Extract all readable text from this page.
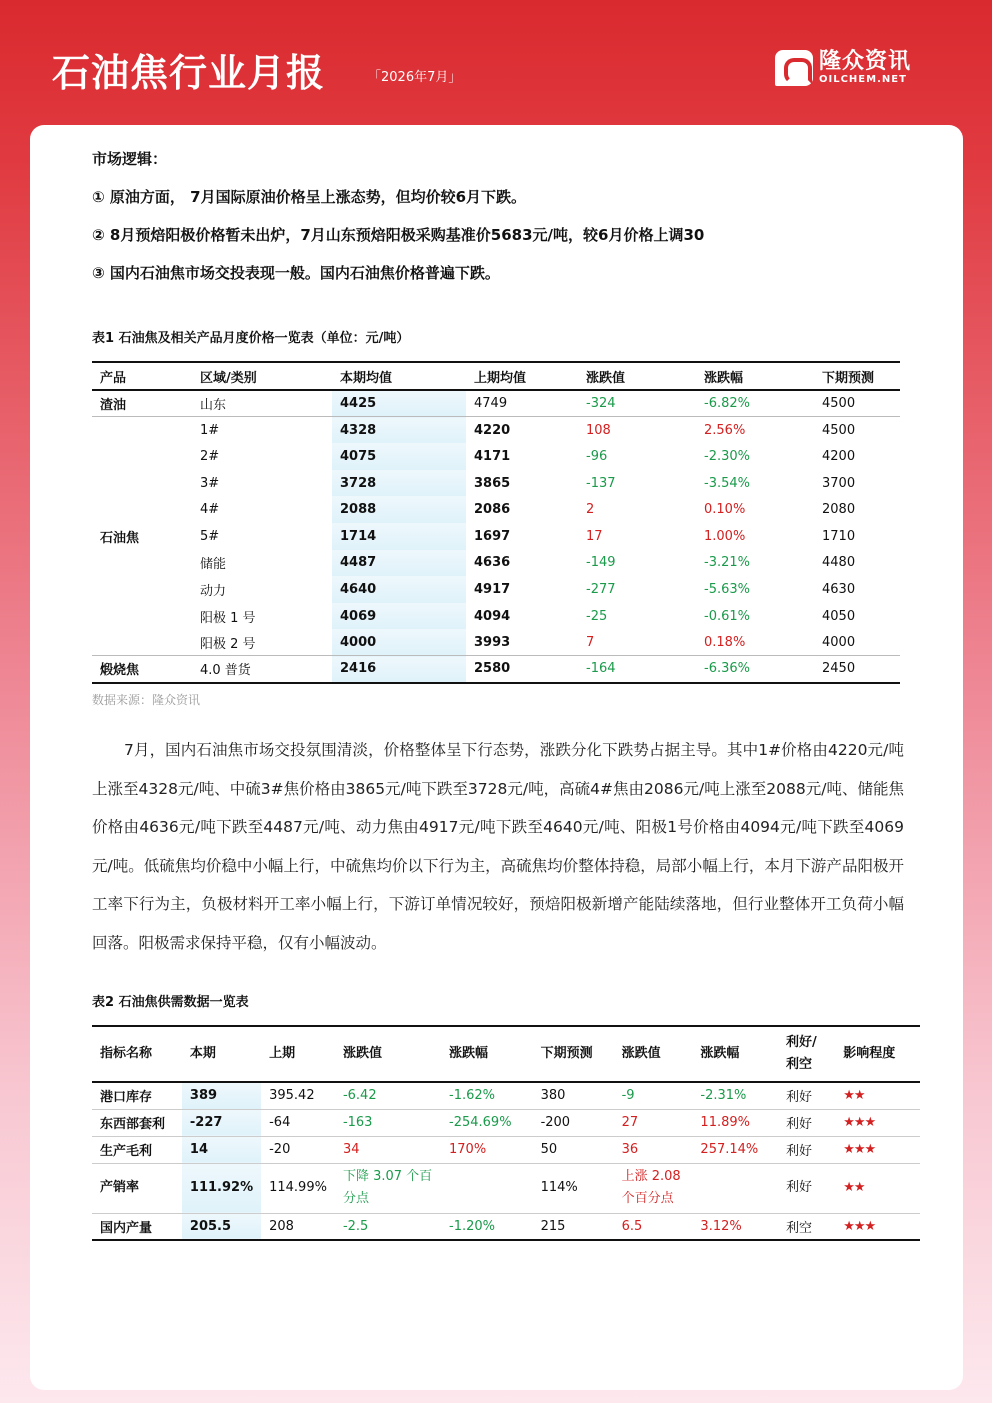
石油焦行业月报	「2026年7月」
隆众资讯
OILCHEM.NET

市场逻辑：

① 原油方面， 7月国际原油价格呈上涨态势，但均价较6月下跌。

② 8月预焙阳极价格暂未出炉，7月山东预焙阳极采购基准价5683元/吨，较6月价格上调30

③ 国内石油焦市场交投表现一般。国内石油焦价格普遍下跌。

表1 石油焦及相关产品月度价格一览表（单位：元/吨）
产品	区域/类别	本期均值	上期均值	涨跌值	涨跌幅	下期预测
渣油	山东	4425	4749	-324	-6.82%	4500
石油焦	1#	4328	4220	108	2.56%	4500
	2#	4075	4171	-96	-2.30%	4200
	3#	3728	3865	-137	-3.54%	3700
	4#	2088	2086	2	0.10%	2080
	5#	1714	1697	17	1.00%	1710
	储能	4487	4636	-149	-3.21%	4480
	动力	4640	4917	-277	-5.63%	4630
	阳极 1 号	4069	4094	-25	-0.61%	4050
	阳极 2 号	4000	3993	7	0.18%	4000
煅烧焦	4.0 普货	2416	2580	-164	-6.36%	2450
数据来源：隆众资讯
7月，国内石油焦市场交投氛围清淡，价格整体呈下行态势，涨跌分化下跌势占据主导。其中1#价格由4220元/吨上涨至4328元/吨、中硫3#焦价格由3865元/吨下跌至3728元/吨，高硫4#焦由2086元/吨上涨至2088元/吨、储能焦价格由4636元/吨下跌至4487元/吨、动力焦由4917元/吨下跌至4640元/吨、阳极1号价格由4094元/吨下跌至4069元/吨。低硫焦均价稳中小幅上行，中硫焦均价以下行为主，高硫焦均价整体持稳，局部小幅上行，本月下游产品阳极开工率下行为主，负极材料开工率小幅上行，下游订单情况较好，预焙阳极新增产能陆续落地，但行业整体开工负荷小幅回落。阳极需求保持平稳，仅有小幅波动。
表2 石油焦供需数据一览表
指标名称	本期	上期	涨跌值	涨跌幅	下期预测	涨跌值	涨跌幅	利好/利空	影响程度
港口库存	389	395.42	-6.42	-1.62%	380	-9	-2.31%	利好	★★
东西部套利	-227	-64	-163	-254.69%	-200	27	11.89%	利好	★★★
生产毛利	14	-20	34	170%	50	36	257.14%	利好	★★★
产销率	111.92%	114.99%	下降 3.07 个百分点		114%	上涨 2.08 个百分点		利好	★★
国内产量	205.5	208	-2.5	-1.20%	215	6.5	3.12%	利空	★★★
